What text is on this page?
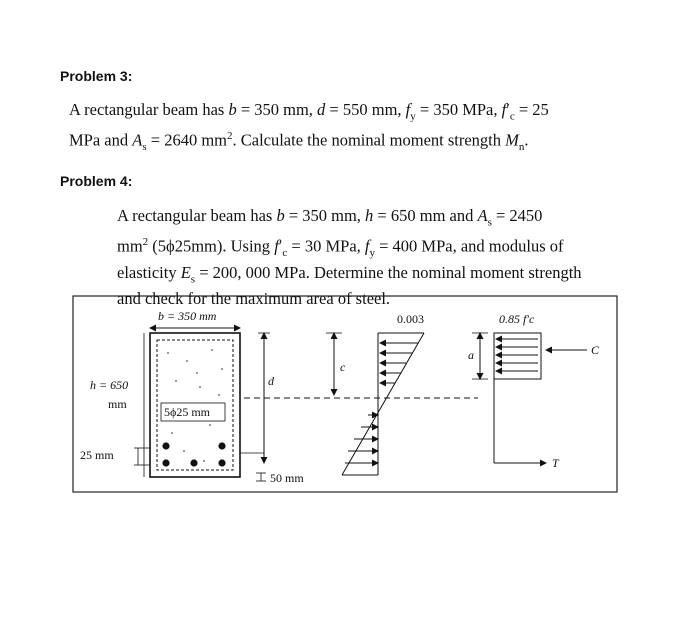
Problem 3:
A rectangular beam has b = 350 mm, d = 550 mm, $f_y = 350$ MPa, $f'_c = 25$
MPa and $A_s = 2640$ $mm^2$. Calculate the nominal moment strength $M_n$.
Problem 4:
A rectangular beam has b = 350 mm, h = 650 mm and $A_s = 2450$
$mm^2$ (5ϕ25mm). Using $f'_c = 30$ MPa, $f_y = 400$ MPa, and modulus of
elasticity $E_s = 200$, 000 MPa. Determine the nominal moment strength
and check for the maximum area of steel.
b = 350 mm
5ϕ25 mm
h = 650
mm
25 mm
d
50 mm
c
0.003
a
0.85 f′c
C
T
